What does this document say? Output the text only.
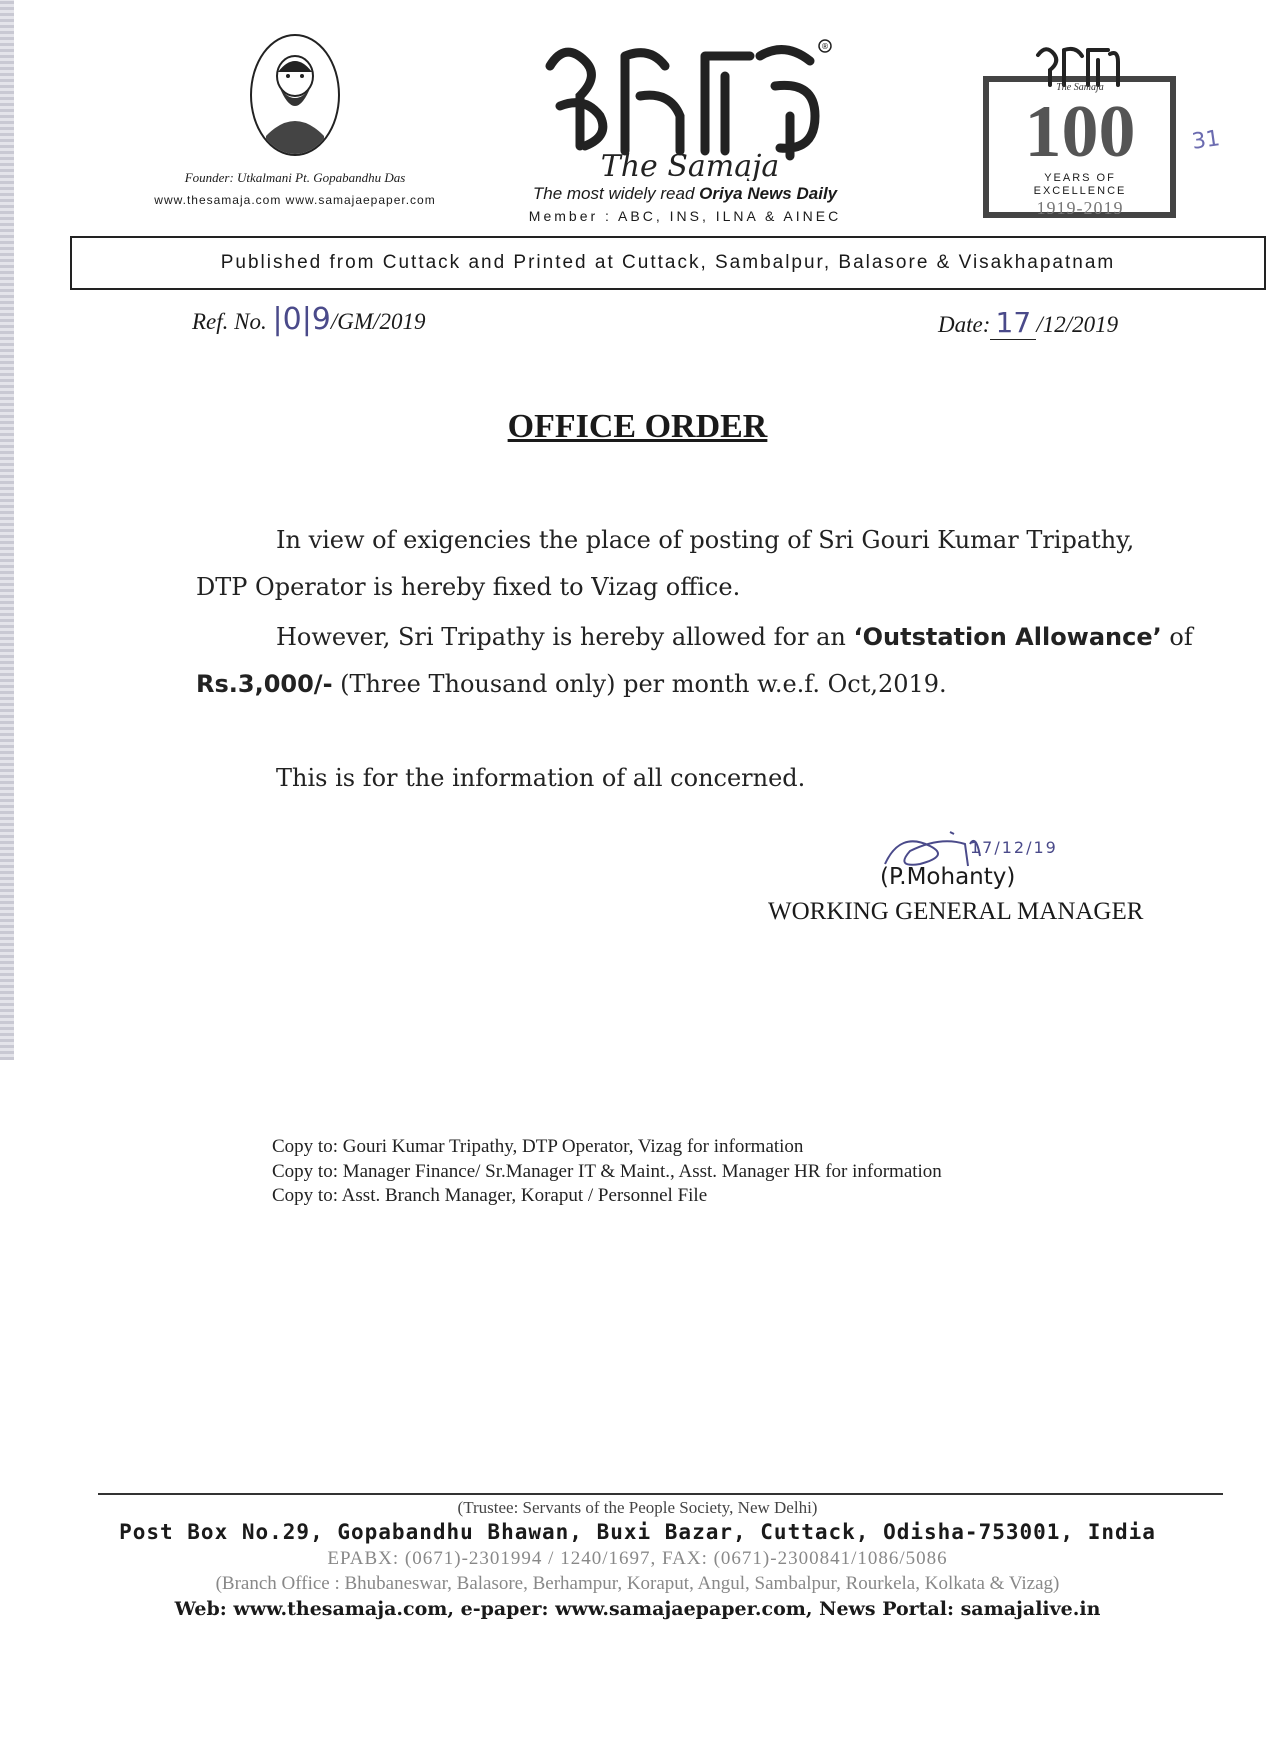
Founder: Utkalmani Pt. Gopabandhu Das
www.thesamaja.com www.samajaepaper.com
®
The Samaja
The most widely read Oriya News Daily
Member : ABC, INS, ILNA & AINEC
The Samaja
100
YEARS OF
EXCELLENCE
1919-2019
31
Published from Cuttack and Printed at Cuttack, Sambalpur, Balasore & Visakhapatnam
Ref. No. |0|9/GM/2019	Date: 17 /12/2019
OFFICE ORDER
In view of exigencies the place of posting of Sri Gouri Kumar Tripathy,
DTP Operator is hereby fixed to Vizag office.
However, Sri Tripathy is hereby allowed for an ‘Outstation Allowance’ of
Rs.3,000/- (Three Thousand only) per month w.e.f. Oct,2019.
This is for the information of all concerned.
17/12/19
(P.Mohanty)
WORKING GENERAL MANAGER
Copy to: Gouri Kumar Tripathy, DTP Operator, Vizag for information
Copy to: Manager Finance/ Sr.Manager IT & Maint., Asst. Manager HR for information
Copy to: Asst. Branch Manager, Koraput / Personnel File
(Trustee: Servants of the People Society, New Delhi)
Post Box No.29, Gopabandhu Bhawan, Buxi Bazar, Cuttack, Odisha-753001, India
EPABX: (0671)-2301994 / 1240/1697, FAX: (0671)-2300841/1086/5086
(Branch Office : Bhubaneswar, Balasore, Berhampur, Koraput, Angul, Sambalpur, Rourkela, Kolkata & Vizag)
Web: www.thesamaja.com, e-paper: www.samajaepaper.com, News Portal: samajalive.in
